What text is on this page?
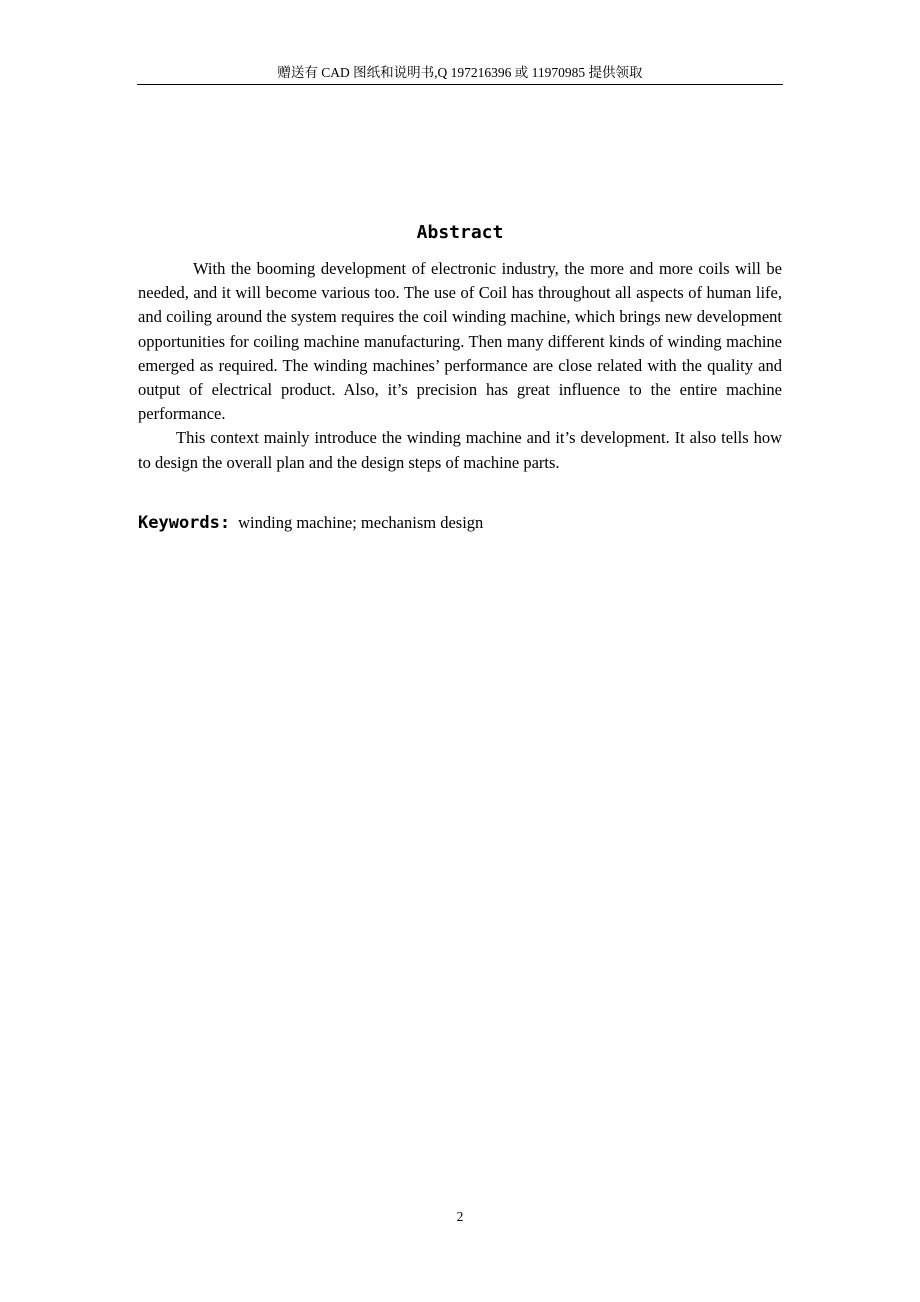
赠送有 CAD 图纸和说明书,Q 197216396 或 11970985 提供领取
Abstract

With the booming development of electronic industry, the more and more coils will be needed, and it will become various too. The use of Coil has throughout all aspects of human life, and coiling around the system requires the coil winding machine, which brings new development opportunities for coiling machine manufacturing. Then many different kinds of winding machine emerged as required. The winding machines’ performance are close related with the quality and output of electrical product. Also, it’s precision has great influence to the entire machine performance.

This context mainly introduce the winding machine and it’s development. It also tells how to design the overall plan and the design steps of machine parts.

Keywords: winding machine; mechanism design
2
